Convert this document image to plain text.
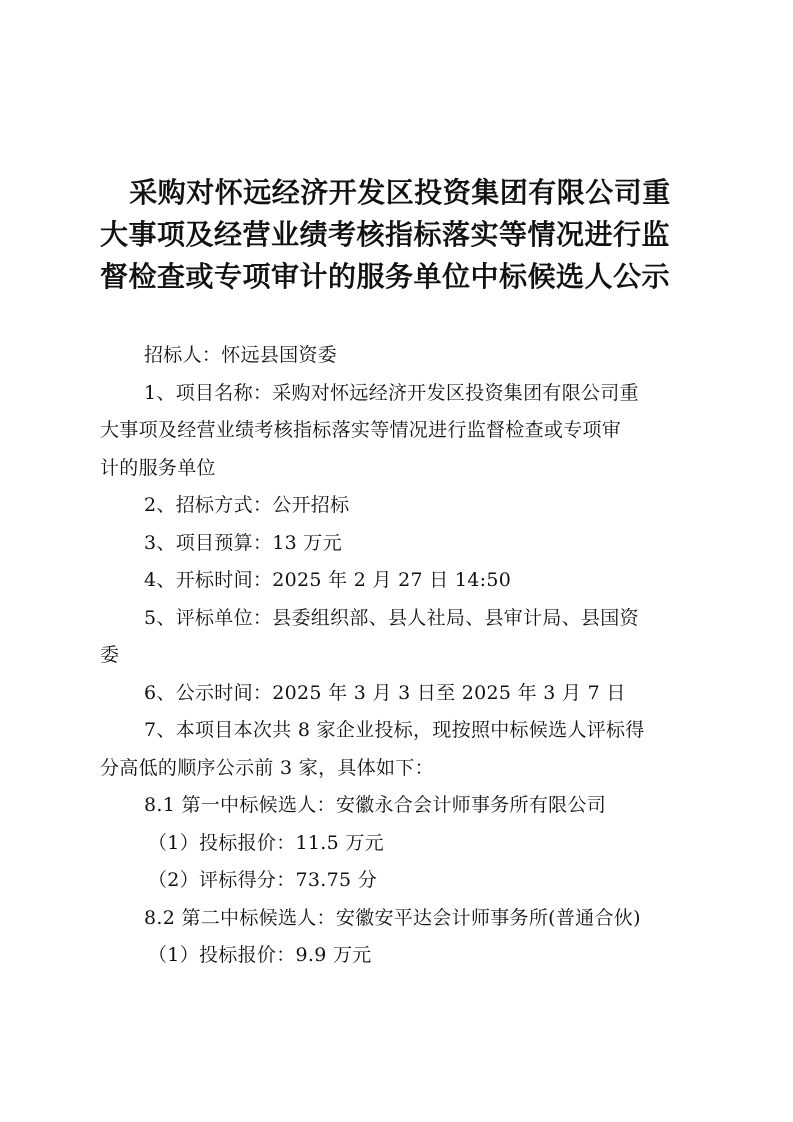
采购对怀远经济开发区投资集团有限公司重
大事项及经营业绩考核指标落实等情况进行监
督检查或专项审计的服务单位中标候选人公示

招标人：怀远县国资委

1、项目名称：采购对怀远经济开发区投资集团有限公司重

大事项及经营业绩考核指标落实等情况进行监督检查或专项审

计的服务单位

2、招标方式：公开招标

3、项目预算：13 万元

4、开标时间：2025 年 2 月 27 日 14:50

5、评标单位：县委组织部、县人社局、县审计局、县国资

委

6、公示时间：2025 年 3 月 3 日至 2025 年 3 月 7 日

7、本项目本次共 8 家企业投标，现按照中标候选人评标得

分高低的顺序公示前 3 家，具体如下：

8.1 第一中标候选人：安徽永合会计师事务所有限公司

（1）投标报价：11.5 万元

（2）评标得分：73.75 分

8.2 第二中标候选人：安徽安平达会计师事务所(普通合伙)

（1）投标报价：9.9 万元
